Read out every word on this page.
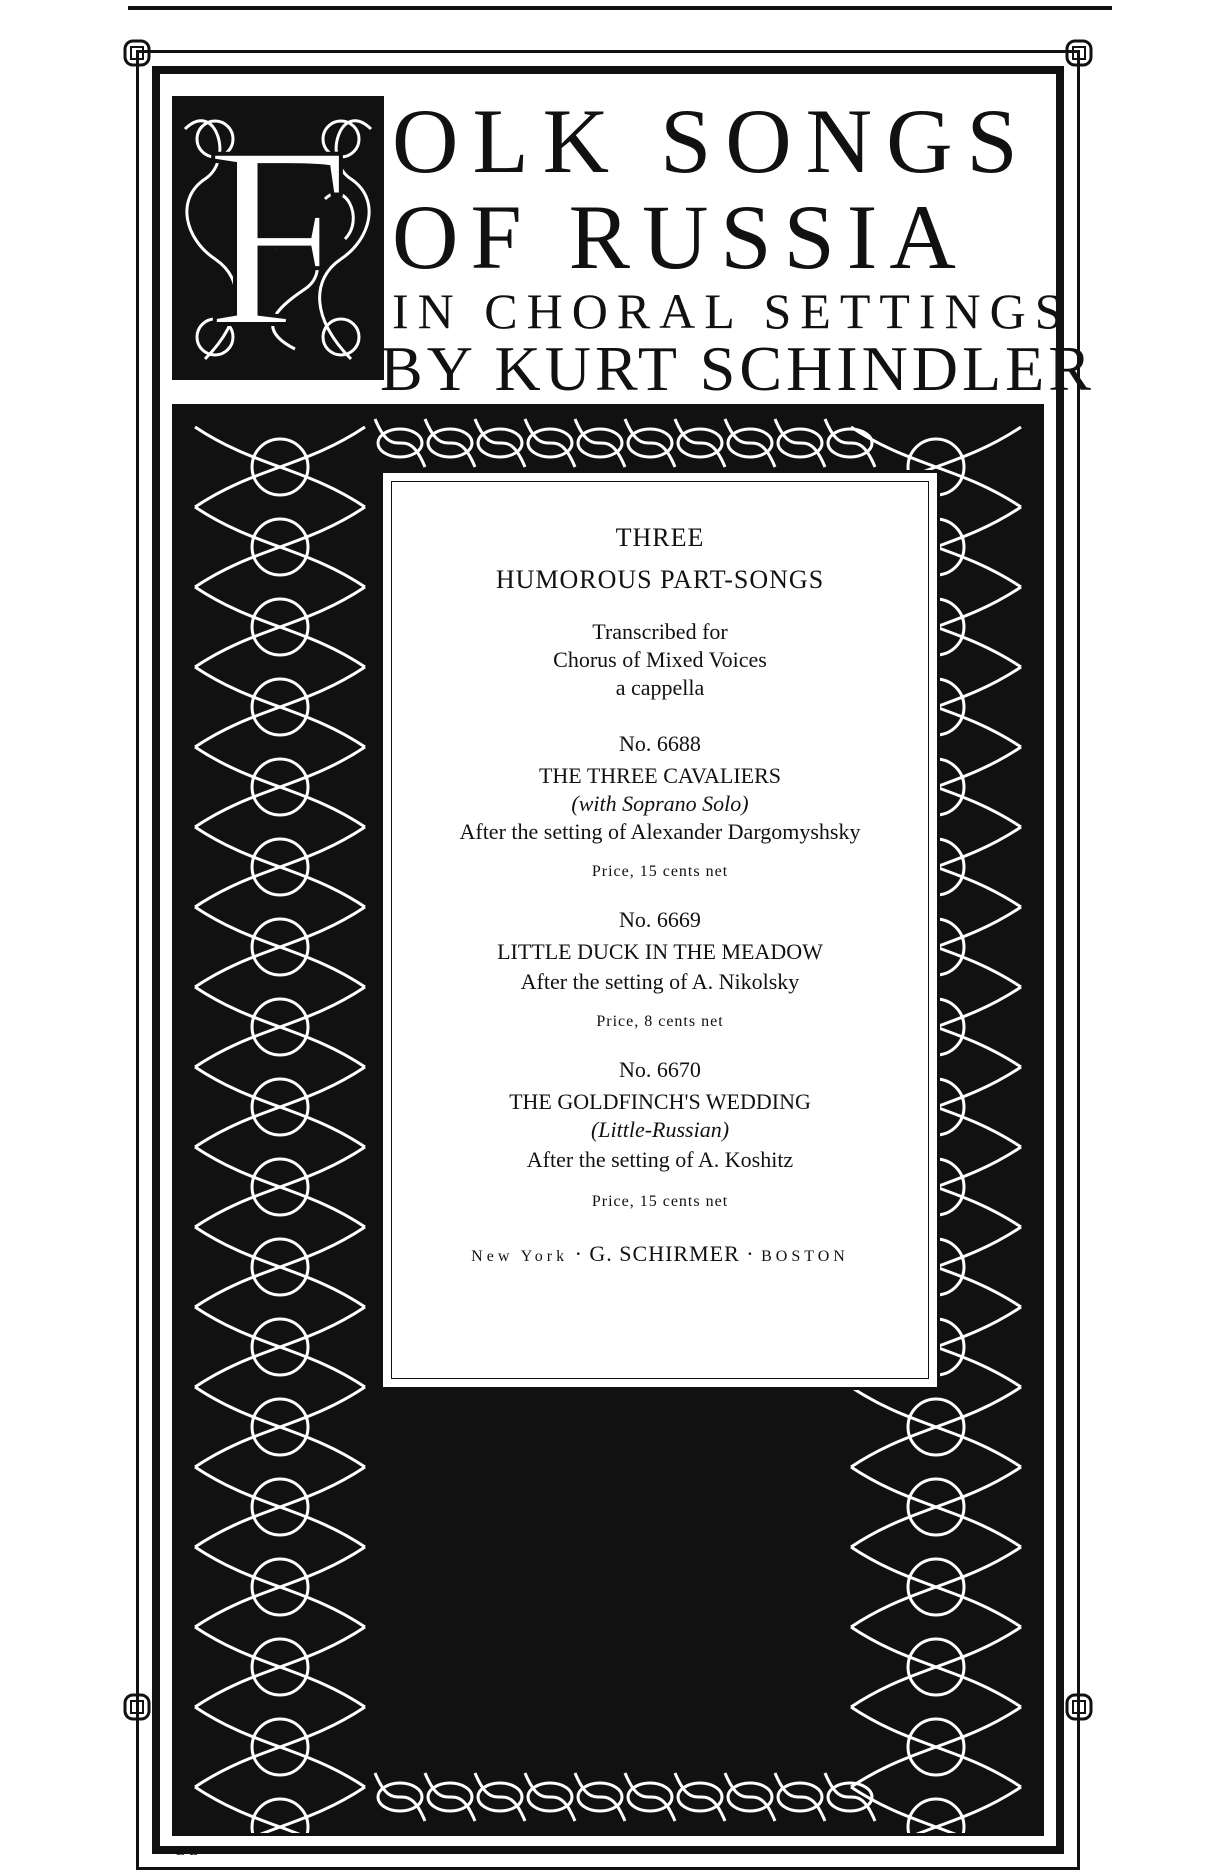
F OLK SONGS
OF RUSSIA
IN CHORAL SETTINGS
BY KURT SCHINDLER
THREE
HUMOROUS PART-SONGS
Transcribed for
Chorus of Mixed Voices
a cappella
No. 6688
THE THREE CAVALIERS
(with Soprano Solo)
After the setting of Alexander Dargomyshsky
Price, 15 cents net
No. 6669
LITTLE DUCK IN THE MEADOW
After the setting of A. Nikolsky
Price, 8 cents net
No. 6670
THE GOLDFINCH'S WEDDING
(Little-Russian)
After the setting of A. Koshitz
Price, 15 cents net
New York · G. SCHIRMER · BOSTON
E·E·
